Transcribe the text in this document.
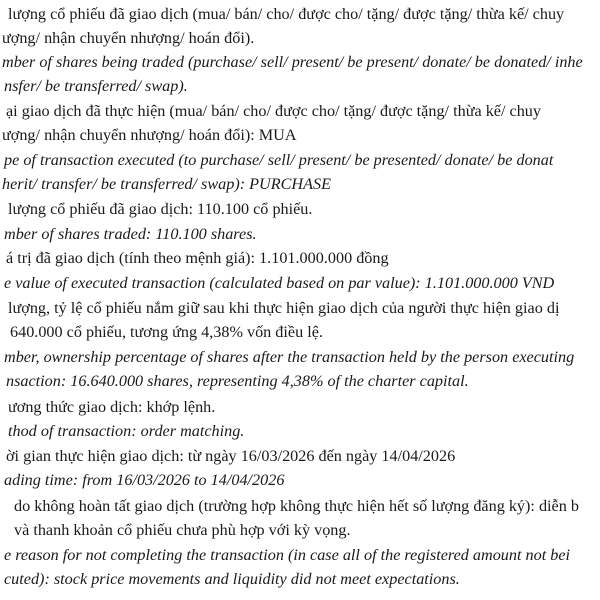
lượng cổ phiếu đã giao dịch (mua/ bán/ cho/ được cho/ tặng/ được tặng/ thừa kế/ chuy
ượng/ nhận chuyển nhượng/ hoán đổi).
mber of shares being traded (purchase/ sell/ present/ be present/ donate/ be donated/ inhe
nsfer/ be transferred/ swap).
ại giao dịch đã thực hiện (mua/ bán/ cho/ được cho/ tặng/ được tặng/ thừa kế/ chuy
ượng/ nhận chuyển nhượng/ hoán đổi): MUA
pe of transaction executed (to purchase/ sell/ present/ be presented/ donate/ be donat
herit/ transfer/ be transferred/ swap): PURCHASE
lượng cổ phiếu đã giao dịch: 110.100 cổ phiếu.
mber of shares traded: 110.100 shares.
á trị đã giao dịch (tính theo mệnh giá): 1.101.000.000 đồng
e value of executed transaction (calculated based on par value): 1.101.000.000 VND
lượng, tỷ lệ cổ phiếu nắm giữ sau khi thực hiện giao dịch của người thực hiện giao dị
640.000 cổ phiếu, tương ứng 4,38% vốn điều lệ.
mber, ownership percentage of shares after the transaction held by the person executing
nsaction: 16.640.000 shares, representing 4,38% of the charter capital.
ương thức giao dịch: khớp lệnh.
thod of transaction: order matching.
ời gian thực hiện giao dịch: từ ngày 16/03/2026 đến ngày 14/04/2026
ading time: from 16/03/2026 to 14/04/2026
do không hoàn tất giao dịch (trường hợp không thực hiện hết số lượng đăng ký): diễn b
và thanh khoản cổ phiếu chưa phù hợp với kỳ vọng.
e reason for not completing the transaction (in case all of the registered amount not bei
cuted): stock price movements and liquidity did not meet expectations.
